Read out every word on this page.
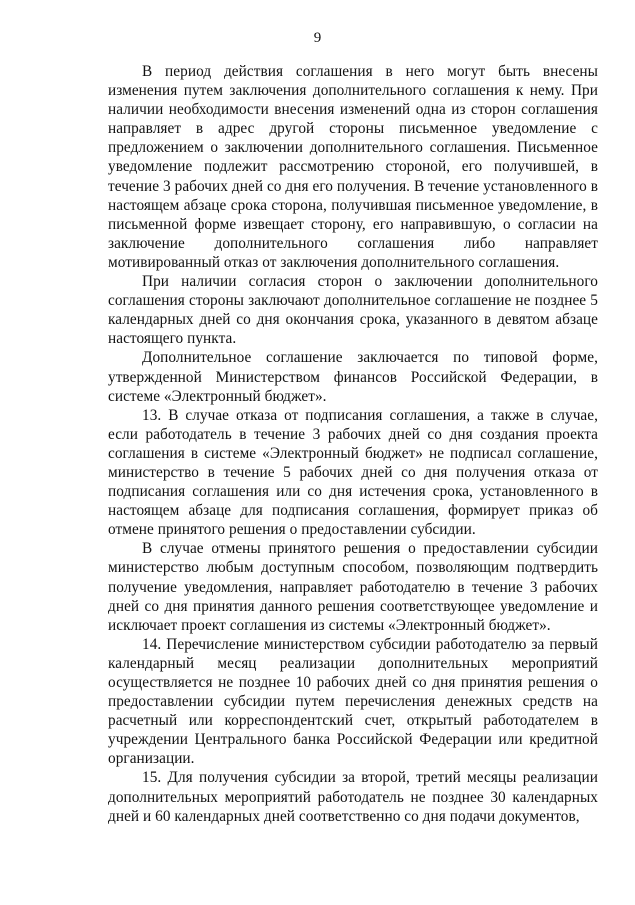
9

В период действия соглашения в него могут быть внесены изменения путем заключения дополнительного соглашения к нему. При наличии необходимости внесения изменений одна из сторон соглашения направляет в адрес другой стороны письменное уведомление с предложением о заключении дополнительного соглашения. Письменное уведомление подлежит рассмотрению стороной, его получившей, в течение 3 рабочих дней со дня его получения. В течение установленного в настоящем абзаце срока сторона, получившая письменное уведомление, в письменной форме извещает сторону, его направившую, о согласии на заключение дополнительного соглашения либо направляет мотивированный отказ от заключения дополнительного соглашения.

При наличии согласия сторон о заключении дополнительного соглашения стороны заключают дополнительное соглашение не позднее 5 календарных дней со дня окончания срока, указанного в девятом абзаце настоящего пункта.

Дополнительное соглашение заключается по типовой форме, утвержденной Министерством финансов Российской Федерации, в системе «Электронный бюджет».

13. В случае отказа от подписания соглашения, а также в случае, если работодатель в течение 3 рабочих дней со дня создания проекта соглашения в системе «Электронный бюджет» не подписал соглашение, министерство в течение 5 рабочих дней со дня получения отказа от подписания соглашения или со дня истечения срока, установленного в настоящем абзаце для подписания соглашения, формирует приказ об отмене принятого решения о предоставлении субсидии.

В случае отмены принятого решения о предоставлении субсидии министерство любым доступным способом, позволяющим подтвердить получение уведомления, направляет работодателю в течение 3 рабочих дней со дня принятия данного решения соответствующее уведомление и исключает проект соглашения из системы «Электронный бюджет».

14. Перечисление министерством субсидии работодателю за первый календарный месяц реализации дополнительных мероприятий осуществляется не позднее 10 рабочих дней со дня принятия решения о предоставлении субсидии путем перечисления денежных средств на расчетный или корреспондентский счет, открытый работодателем в учреждении Центрального банка Российской Федерации или кредитной организации.

15. Для получения субсидии за второй, третий месяцы реализации дополнительных мероприятий работодатель не позднее 30 календарных дней и 60 календарных дней соответственно со дня подачи документов,
